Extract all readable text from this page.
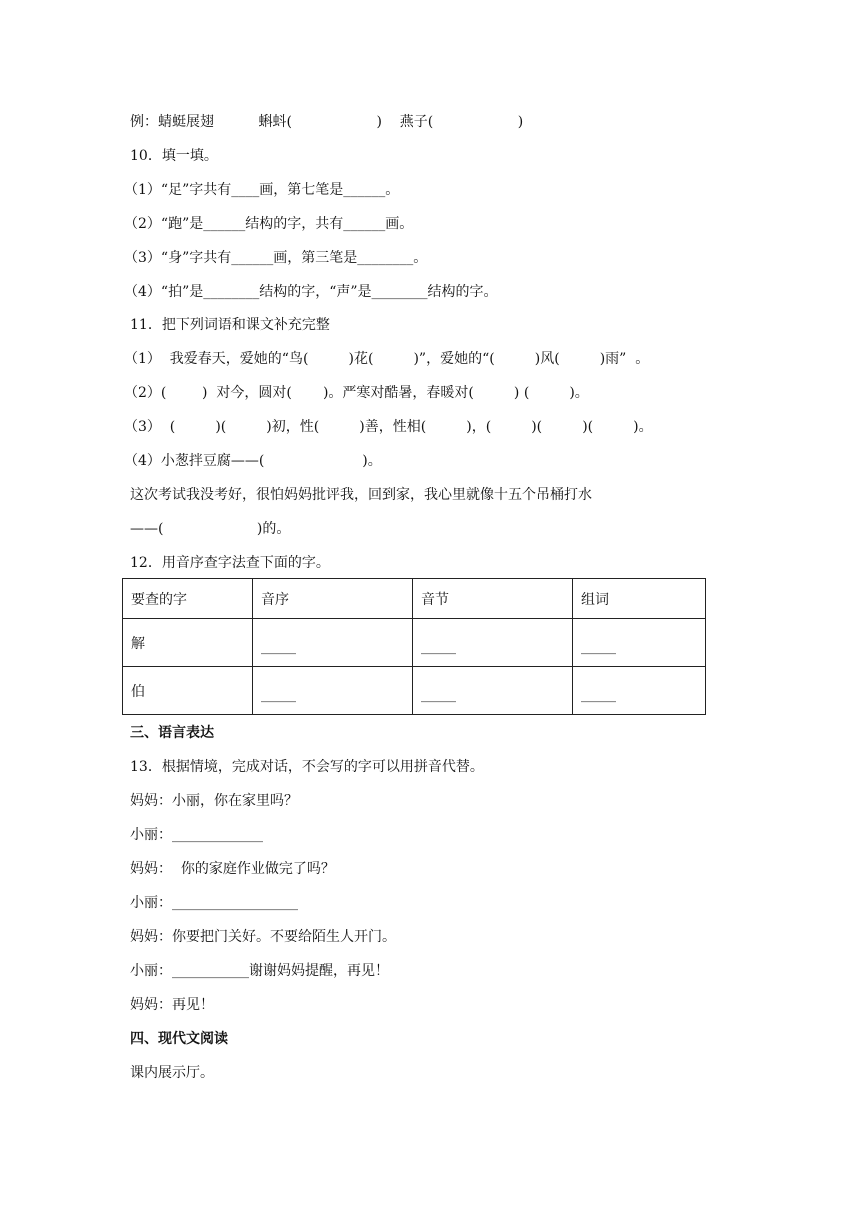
例：蜻蜓展翅          蝌蚪(                   )    燕子(                   )
10．填一填。
（1）“足”字共有____画，第七笔是______。
（2）“跑”是______结构的字，共有______画。
（3）“身”字共有______画，第三笔是________。
（4）“拍”是________结构的字，“声”是________结构的字。
11．把下列词语和课文补充完整
（1）  我爱春天，爱她的“鸟(         )花(         )”，爱她的“(         )风(         )雨”  。
（2）(        )  对今，圆对(       )。严寒对酷暑，春暖对(         ) (         )。
（3）  (         )(         )初，性(         )善，性相(         )，(         )(         )(         )。
（4）小葱拌豆腐——(                      )。
这次考试我没考好，很怕妈妈批评我，回到家，我心里就像十五个吊桶打水
——(                     )的。
12．用音序查字法查下面的字。
要查的字	音序	音节	组词
解	_____	_____	_____
伯	_____	_____	_____
三、语言表达
13．根据情境，完成对话，不会写的字可以用拼音代替。
妈妈：小丽，你在家里吗？
小丽：_____________
妈妈：  你的家庭作业做完了吗？
小丽：__________________
妈妈：你要把门关好。不要给陌生人开门。
小丽：___________谢谢妈妈提醒，再见！
妈妈：再见！
四、现代文阅读
课内展示厅。
